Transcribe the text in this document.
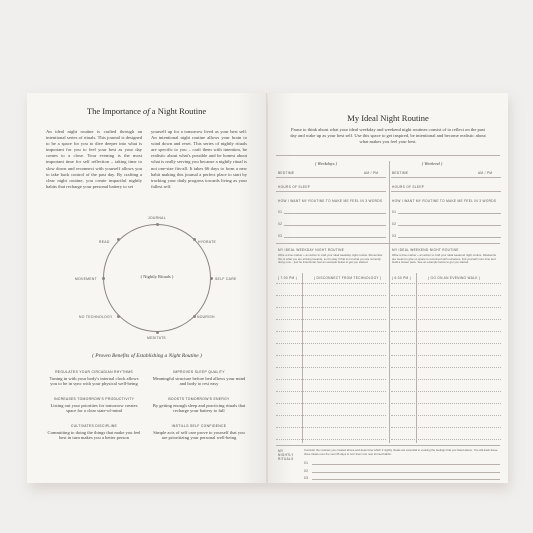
The Importance of a Night Routine
An ideal night routine is crafted through an intentional series of rituals. This journal is designed to be a space for you to dive deeper into what is important for you to feel your best as your day comes to a close. Your evening is the most important time for self reflection – taking time to slow down and reconnect with yourself allows you to take back control of the past day. By crafting a clear night routine, you create impactful nightly habits that recharge your personal battery to set
yourself up for a tomorrow lived as your best self. An intentional night routine allows your brain to wind down and reset. This series of nightly rituals are specific to you – craft them with intention, be realistic about what's possible and be honest about what is really serving you because a nightly ritual is not one-size fits-all. It takes 66 days to form a new habit making this journal a perfect place to start by tracking your daily progress towards living as your fullest self.
JOURNAL
HYDRATE
SELF CARE
NOURISH
MEDITATE
NO TECHNOLOGY
MOVEMENT
READ
( Nightly Rituals )
( Proven Benefits of Establishing a Night Routine )
REGULATES YOUR CIRCADIAN RHYTHMS
Tuning in with your body's internal clock allows you to be in sync with your physical well-being
IMPROVES SLEEP QUALITY
Meaningful structure before bed allows your mind and body to rest easy
INCREASES TOMORROW'S PRODUCTIVITY
Listing out your priorities for tomorrow creates space for a clear state-of-mind
BOOSTS TOMORROW'S ENERGY
By getting enough sleep and practicing rituals that recharge your battery to full
CULTIVATES DISCIPLINE
Committing to doing the things that make you feel best in turn makes you a better person
INSTILLS SELF CONFIDENCE
Simple acts of self care prove to yourself that you are prioritizing your personal well-being
My Ideal Night Routine
Pause to think about what your ideal weekday and weekend night routines consist of to reflect on the past day and wake up as your best self. Use this space to get inspired, be intentional and become realistic about what makes you feel your best.
( Weekdays )	( Weekend )
BEDTIME	AM / PM
HOURS OF SLEEP
HOW I WANT MY ROUTINE TO MAKE ME FEEL IN 3 WORDS
01
02
03
MY IDEAL WEEKDAY NIGHT ROUTINE
Write a time marker + an action to craft your ideal weekday night routine. Remember this is what you are striving towards, so it's okay if that is not what you are currently doing now – just be intentional, feel an example below to get you started.
( 7:00 PM )	( DISCONNECT FROM TECHNOLOGY )
BEDTIME	AM / PM
HOURS OF SLEEP
HOW I WANT MY ROUTINE TO MAKE ME FEEL IN 3 WORDS
01
02
03
MY IDEAL WEEKEND NIGHT ROUTINE
Write a time marker + an action to craft your ideal weekend night routine. Weekends are meant to give us space to reconnect with ourselves, find yourself more time and build a slower pace. See an example below to get you started.
( 6:30 PM )	( GO ON AN EVENING WALK )
MY NIGHTLY RITUALS
Consider the routines you created above and determine which 3 nightly rituals are essential to evoking the feelings that you listed above. You will track these three rituals over the next 66 days to turn them into new formed habits.
01
02
03
